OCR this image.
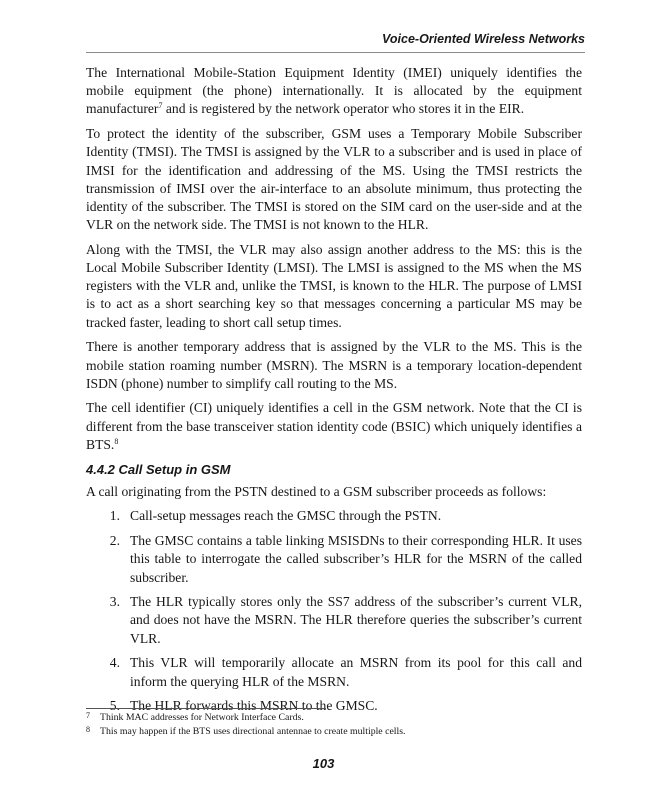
Voice-Oriented Wireless Networks

The International Mobile-Station Equipment Identity (IMEI) uniquely identifies the mobile equipment (the phone) internationally. It is allocated by the equipment manufacturer$^7$ and is registered by the network operator who stores it in the EIR.

To protect the identity of the subscriber, GSM uses a Temporary Mobile Subscriber Identity (TMSI). The TMSI is assigned by the VLR to a subscriber and is used in place of IMSI for the identification and addressing of the MS. Using the TMSI restricts the transmission of IMSI over the air-interface to an absolute minimum, thus protecting the identity of the subscriber. The TMSI is stored on the SIM card on the user-side and at the VLR on the network side. The TMSI is not known to the HLR.

Along with the TMSI, the VLR may also assign another address to the MS: this is the Local Mobile Subscriber Identity (LMSI). The LMSI is assigned to the MS when the MS registers with the VLR and, unlike the TMSI, is known to the HLR. The purpose of LMSI is to act as a short searching key so that messages concerning a particular MS may be tracked faster, leading to short call setup times.

There is another temporary address that is assigned by the VLR to the MS. This is the mobile station roaming number (MSRN). The MSRN is a temporary location-dependent ISDN (phone) number to simplify call routing to the MS.

The cell identifier (CI) uniquely identifies a cell in the GSM network. Note that the CI is different from the base transceiver station identity code (BSIC) which uniquely identifies a BTS.$^8$

4.4.2 Call Setup in GSM

A call originating from the PSTN destined to a GSM subscriber proceeds as follows:

1. Call-setup messages reach the GMSC through the PSTN.
2. The GMSC contains a table linking MSISDNs to their corresponding HLR. It uses this table to interrogate the called subscriber’s HLR for the MSRN of the called subscriber.
3. The HLR typically stores only the SS7 address of the subscriber’s current VLR, and does not have the MSRN. The HLR therefore queries the subscriber’s current VLR.
4. This VLR will temporarily allocate an MSRN from its pool for this call and inform the querying HLR of the MSRN.
5. The HLR forwards this MSRN to the GMSC.
7	Think MAC addresses for Network Interface Cards.
8	This may happen if the BTS uses directional antennae to create multiple cells.
103
